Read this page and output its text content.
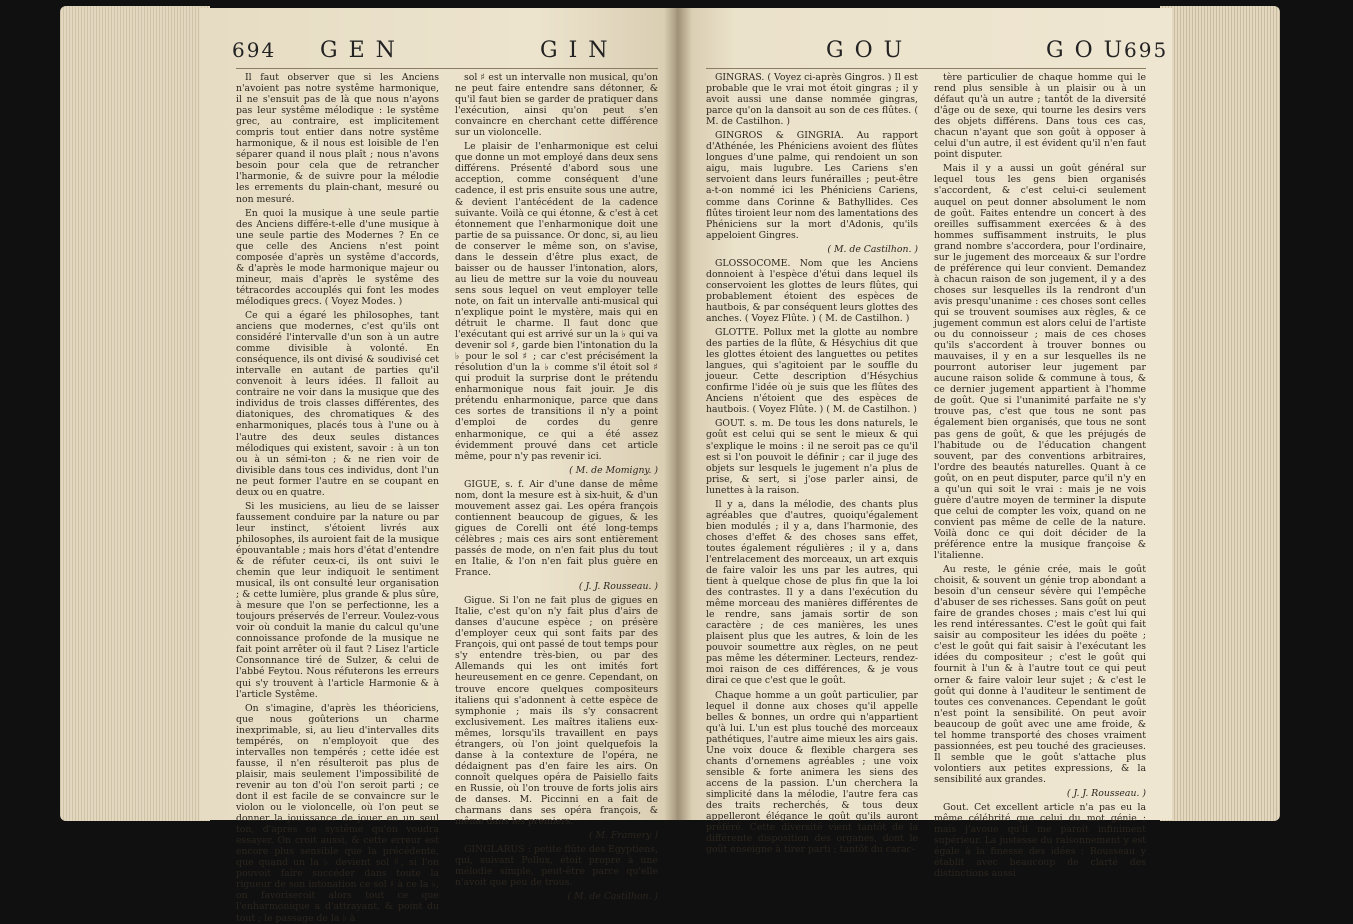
694 G E N	G I N

Il faut observer que si les Anciens n'avoient pas notre systême harmonique, il ne s'ensuit pas de là que nous n'ayons pas leur systême mélodique : le systême grec, au contraire, est implicitement compris tout entier dans notre systême harmonique, & il nous est loisible de l'en séparer quand il nous plaît ; nous n'avons besoin pour cela que de retrancher l'harmonie, & de suivre pour la mélodie les errements du plain-chant, mesuré ou non mesuré.

En quoi la musique à une seule partie des Anciens différe-t-elle d'une musique à une seule partie des Modernes ? En ce que celle des Anciens n'est point composée d'après un systême d'accords, & d'après le mode harmonique majeur ou mineur, mais d'après le systême des tétracordes accouplés qui font les modes mélodiques grecs. ( Voyez Modes. )

Ce qui a égaré les philosophes, tant anciens que modernes, c'est qu'ils ont considéré l'intervalle d'un son à un autre comme divisible à volonté. En conséquence, ils ont divisé & soudivisé cet intervalle en autant de parties qu'il convenoit à leurs idées. Il falloit au contraire ne voir dans la musique que des individus de trois classes différentes, des diatoniques, des chromatiques & des enharmoniques, placés tous à l'une ou à l'autre des deux seules distances mélodiques qui existent, savoir : à un ton ou à un sémi-ton ; & ne rien voir de divisible dans tous ces individus, dont l'un ne peut former l'autre en se coupant en deux ou en quatre.

Si les musiciens, au lieu de se laisser faussement conduire par la nature ou par leur instinct, s'étoient livrés aux philosophes, ils auroient fait de la musique épouvantable ; mais hors d'état d'entendre & de réfuter ceux-ci, ils ont suivi le chemin que leur indiquoit le sentiment musical, ils ont consulté leur organisation ; & cette lumière, plus grande & plus sûre, à mesure que l'on se perfectionne, les a toujours préservés de l'erreur. Voulez-vous voir où conduit la manie du calcul qu'une connoissance profonde de la musique ne fait point arrêter où il faut ? Lisez l'article Consonnance tiré de Sulzer, & celui de l'abbé Feytou. Nous réfuterons les erreurs qui s'y trouvent à l'article Harmonie & à l'article Systême.

On s'imagine, d'après les théoriciens, que nous goûterions un charme inexprimable, si, au lieu d'intervalles dits tempérés, on n'employoit que des intervalles non tempérés ; cette idée est fausse, il n'en résulteroit pas plus de plaisir, mais seulement l'impossibilité de revenir au ton d'où l'on seroit parti ; ce dont il est facile de se convaincre sur le violon ou le violoncelle, où l'on peut se donner la jouissance de jouer en un seul ton, d'après ce systême qu'on voudra essayer. On croit aussi, & cette erreur est encore plus sensible que la précédente, que quand un la ♭ devient sol ♯, si l'on pouvoit faire succéder dans toute la rigueur de son intonation ce sol ♯ à ce la ♭, on favoriseroit alors tout ce que l'enharmonique a d'attrayant, & point du tout ; le passage de la ♭ à

sol ♯ est un intervalle non musical, qu'on ne peut faire entendre sans détonner, & qu'il faut bien se garder de pratiquer dans l'exécution, ainsi qu'on peut s'en convaincre en cherchant cette différence sur un violoncelle.

Le plaisir de l'enharmonique est celui que donne un mot employé dans deux sens différens. Présenté d'abord sous une acception, comme conséquent d'une cadence, il est pris ensuite sous une autre, & devient l'antécédent de la cadence suivante. Voilà ce qui étonne, & c'est à cet étonnement que l'enharmonique doit une partie de sa puissance. Or donc, si, au lieu de conserver le même son, on s'avise, dans le dessein d'être plus exact, de baisser ou de hausser l'intonation, alors, au lieu de mettre sur la voie du nouveau sens sous lequel on veut employer telle note, on fait un intervalle anti-musical qui n'explique point le mystère, mais qui en détruit le charme. Il faut donc que l'exécutant qui est arrivé sur un la ♭ qui va devenir sol ♯, garde bien l'intonation du la ♭ pour le sol ♯ ; car c'est précisément la résolution d'un la ♭ comme s'il étoit sol ♯ qui produit la surprise dont le prétendu enharmonique nous fait jouir. Je dis prétendu enharmonique, parce que dans ces sortes de transitions il n'y a point d'emploi de cordes du genre enharmonique, ce qui a été assez évidemment prouvé dans cet article même, pour n'y pas revenir ici.

( M. de Momigny. )

GIGUE, s. f. Air d'une danse de même nom, dont la mesure est à six-huit, & d'un mouvement assez gai. Les opéra françois contiennent beaucoup de gigues, & les gigues de Corelli ont été long-temps célèbres ; mais ces airs sont entièrement passés de mode, on n'en fait plus du tout en Italie, & l'on n'en fait plus guère en France.

( J. J. Rousseau. )

Gigue. Si l'on ne fait plus de gigues en Italie, c'est qu'on n'y fait plus d'airs de danses d'aucune espèce ; on présère d'employer ceux qui sont faits par des François, qui ont passé de tout temps pour s'y entendre très-bien, ou par des Allemands qui les ont imités fort heureusement en ce genre. Cependant, on trouve encore quelques compositeurs italiens qui s'adonnent à cette espèce de symphonie ; mais ils s'y consacrent exclusivement. Les maîtres italiens eux-mêmes, lorsqu'ils travaillent en pays étrangers, où l'on joint quelquefois la danse à la contexture de l'opéra, ne dédaignent pas d'en faire les airs. On connoît quelques opéra de Paisiello faits en Russie, où l'on trouve de forts jolis airs de danses. M. Piccinni en a fait de charmans dans ses opéra françois, & même dans les premiers.

( M. Framery )

GINGLARUS : petite flûte des Egyptiens, qui, suivant Pollux, étoit propre à une mélodie simple, peut-être parce qu'elle n'avoit que peu de trous.

( M. de Castilhon. )

G O U	G O U 695

GINGRAS. ( Voyez ci-après Gingros. ) Il est probable que le vrai mot étoit gingras ; il y avoit aussi une danse nommée gingras, parce qu'on la dansoit au son de ces flûtes. ( M. de Castilhon. )

GINGROS & GINGRIA. Au rapport d'Athénée, les Phéniciens avoient des flûtes longues d'une palme, qui rendoient un son aigu, mais lugubre. Les Cariens s'en servoient dans leurs funérailles ; peut-être a-t-on nommé ici les Phéniciens Cariens, comme dans Corinne & Bathyllides. Ces flûtes tiroient leur nom des lamentations des Phéniciens sur la mort d'Adonis, qu'ils appeloient Gingres.

( M. de Castilhon. )

GLOSSOCOME. Nom que les Anciens donnoient à l'espèce d'étui dans lequel ils conservoient les glottes de leurs flûtes, qui probablement étoient des espèces de hautbois, & par conséquent leurs glottes des anches. ( Voyez Flûte. ) ( M. de Castilhon. )

GLOTTE. Pollux met la glotte au nombre des parties de la flûte, & Hésychius dit que les glottes étoient des languettes ou petites langues, qui s'agitoient par le souffle du joueur. Cette description d'Hésychius confirme l'idée où je suis que les flûtes des Anciens n'étoient que des espèces de hautbois. ( Voyez Flûte. ) ( M. de Castilhon. )

GOUT. s. m. De tous les dons naturels, le goût est celui qui se sent le mieux & qui s'explique le moins : il ne seroit pas ce qu'il est si l'on pouvoit le définir ; car il juge des objets sur lesquels le jugement n'a plus de prise, & sert, si j'ose parler ainsi, de lunettes à la raison.

Il y a, dans la mélodie, des chants plus agréables que d'autres, quoiqu'également bien modulés ; il y a, dans l'harmonie, des choses d'effet & des choses sans effet, toutes également régulières ; il y a, dans l'entrelacement des morceaux, un art exquis de faire valoir les uns par les autres, qui tient à quelque chose de plus fin que la loi des contrastes. Il y a dans l'exécution du même morceau des manières différentes de le rendre, sans jamais sortir de son caractère ; de ces manières, les unes plaisent plus que les autres, & loin de les pouvoir soumettre aux règles, on ne peut pas même les déterminer. Lecteurs, rendez-moi raison de ces différences, & je vous dirai ce que c'est que le goût.

Chaque homme a un goût particulier, par lequel il donne aux choses qu'il appelle belles & bonnes, un ordre qui n'appartient qu'à lui. L'un est plus touché des morceaux pathétiques, l'autre aime mieux les airs gais. Une voix douce & flexible chargera ses chants d'ornemens agréables ; une voix sensible & forte animera les siens des accens de la passion. L'un cherchera la simplicité dans la mélodie, l'autre fera cas des traits recherchés, & tous deux appelleront élégance le goût qu'ils auront préféré. Cette diversité vient tantôt de la différente disposition des organes, dont le goût enseigne à tirer parti ; tantôt du carac-

tère particulier de chaque homme qui le rend plus sensible à un plaisir ou à un défaut qu'à un autre ; tantôt de la diversité d'âge ou de sexe, qui tourne les desirs vers des objets différens. Dans tous ces cas, chacun n'ayant que son goût à opposer à celui d'un autre, il est évident qu'il n'en faut point disputer.

Mais il y a aussi un goût général sur lequel tous les gens bien organisés s'accordent, & c'est celui-ci seulement auquel on peut donner absolument le nom de goût. Faites entendre un concert à des oreilles suffisamment exercées & à des hommes suffisamment instruits, le plus grand nombre s'accordera, pour l'ordinaire, sur le jugement des morceaux & sur l'ordre de préférence qui leur convient. Demandez à chacun raison de son jugement, il y a des choses sur lesquelles ils la rendront d'un avis presqu'unanime : ces choses sont celles qui se trouvent soumises aux règles, & ce jugement commun est alors celui de l'artiste ou du connoisseur ; mais de ces choses qu'ils s'accordent à trouver bonnes ou mauvaises, il y en a sur lesquelles ils ne pourront autoriser leur jugement par aucune raison solide & commune à tous, & ce dernier jugement appartient à l'homme de goût. Que si l'unanimité parfaite ne s'y trouve pas, c'est que tous ne sont pas également bien organisés, que tous ne sont pas gens de goût, & que les préjugés de l'habitude ou de l'éducation changent souvent, par des conventions arbitraires, l'ordre des beautés naturelles. Quant à ce goût, on en peut disputer, parce qu'il n'y en a qu'un qui soit le vrai : mais je ne vois guère d'autre moyen de terminer la dispute que celui de compter les voix, quand on ne convient pas même de celle de la nature. Voilà donc ce qui doit décider de la préférence entre la musique françoise & l'italienne.

Au reste, le génie crée, mais le goût choisit, & souvent un génie trop abondant a besoin d'un censeur sévère qui l'empêche d'abuser de ses richesses. Sans goût on peut faire de grandes choses ; mais c'est lui qui les rend intéressantes. C'est le goût qui fait saisir au compositeur les idées du poëte ; c'est le goût qui fait saisir à l'exécutant les idées du compositeur ; c'est le goût qui fournit à l'un & à l'autre tout ce qui peut orner & faire valoir leur sujet ; & c'est le goût qui donne à l'auditeur le sentiment de toutes ces convenances. Cependant le goût n'est point la sensibilité. On peut avoir beaucoup de goût avec une ame froide, & tel homme transporté des choses vraiment passionnées, est peu touché des gracieuses. Il semble que le goût s'attache plus volontiers aux petites expressions, & la sensibilité aux grandes.

( J. J. Rousseau. )

Gout. Cet excellent article n'a pas eu la même célébrité que celui du mot génie ; mais j'avoue qu'il me paroît infiniment supérieur. La justesse du raisonnement y est égale à la finesse des idées ; Rousseau y établit avec beaucoup de clarté des distinctions aussi
